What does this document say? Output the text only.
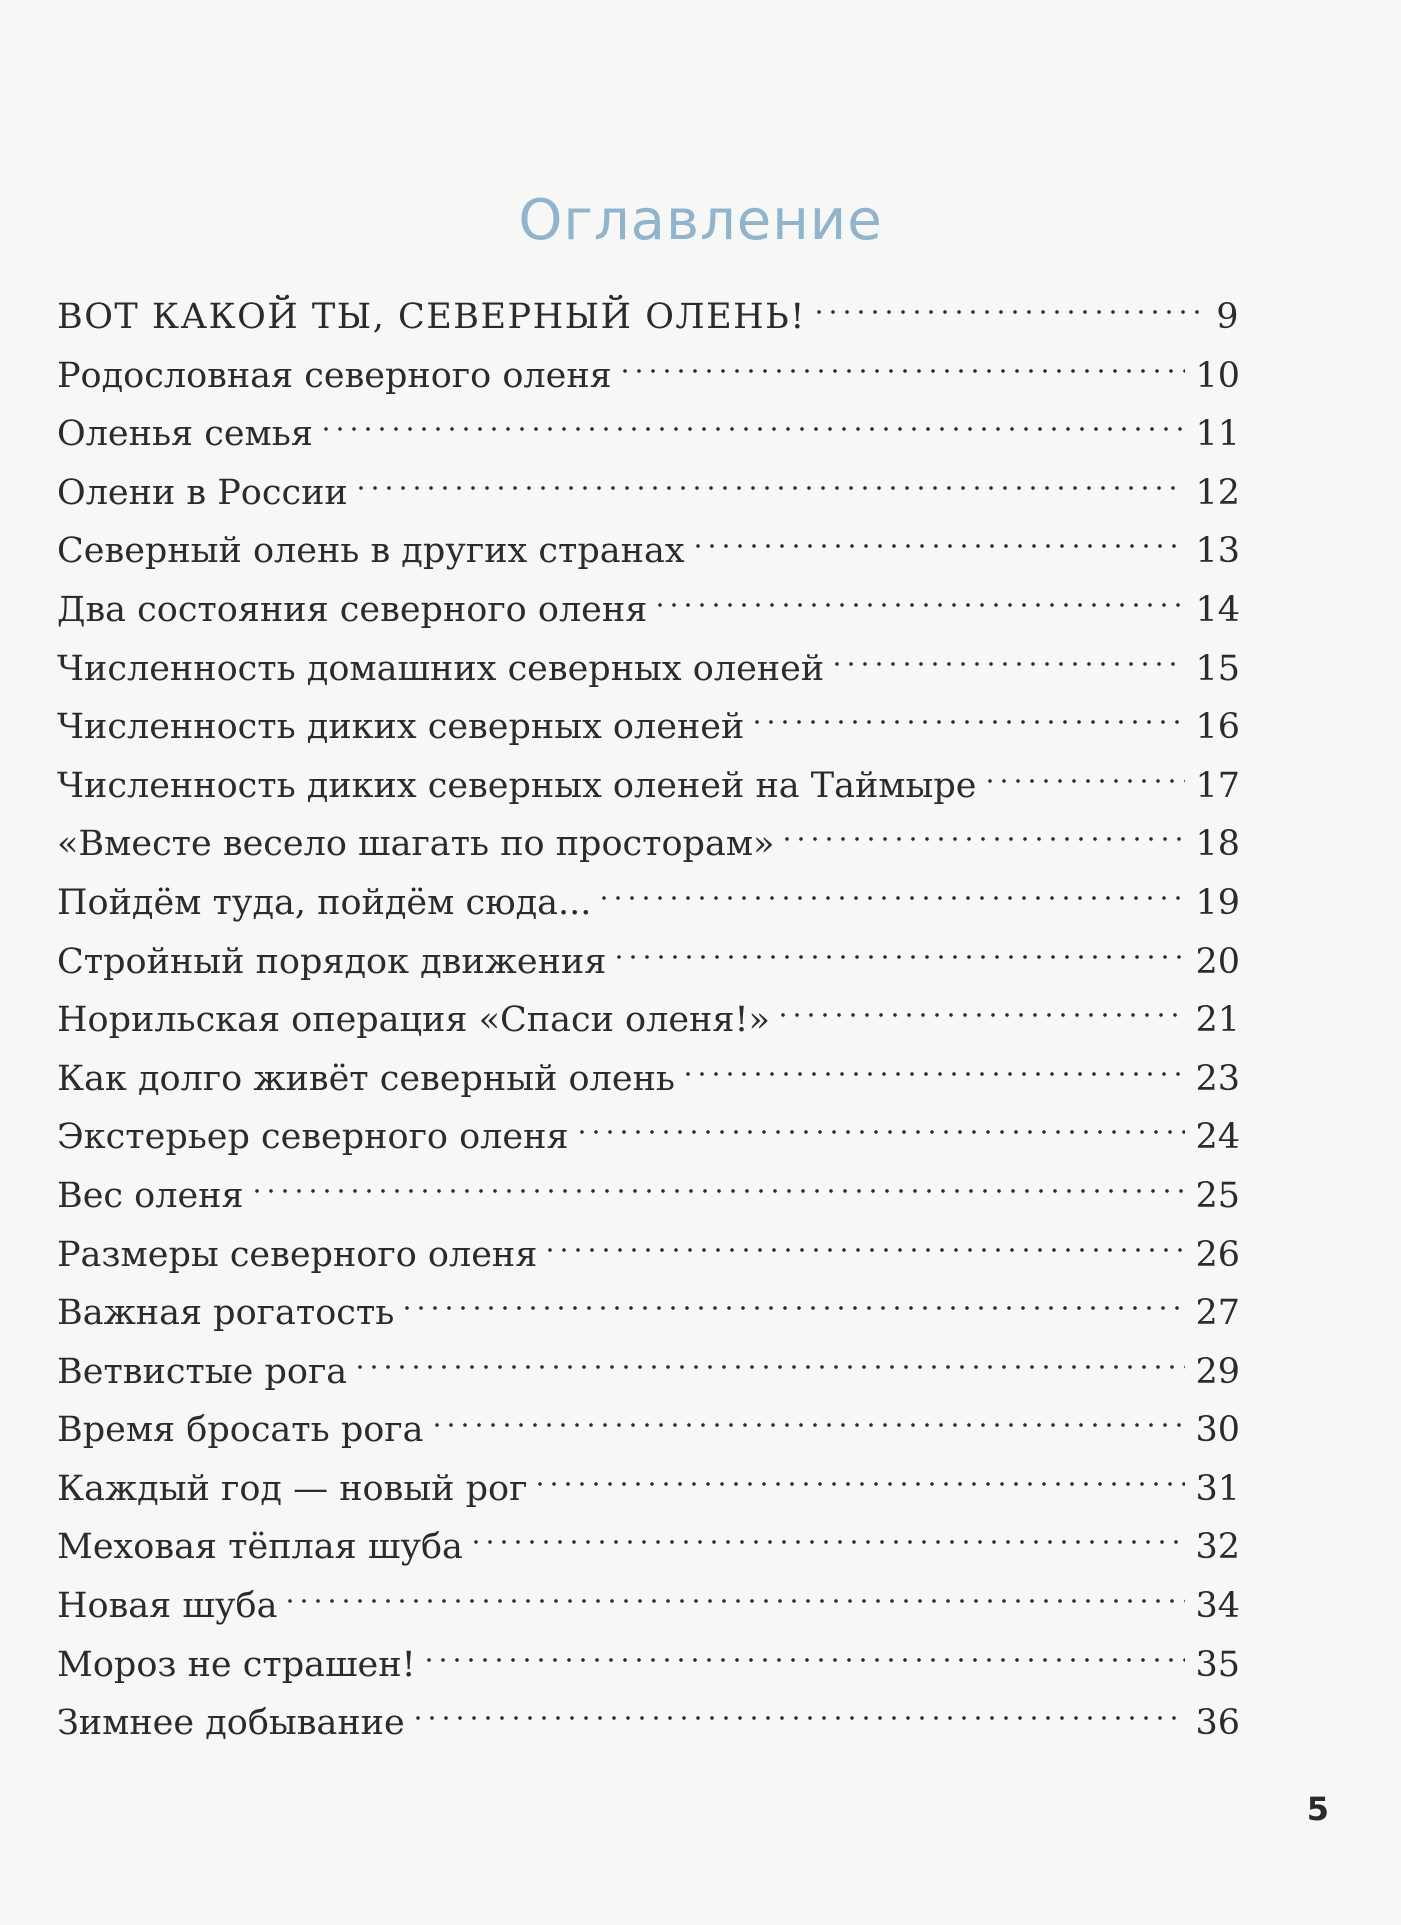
Оглавление
ВОТ КАКОЙ ТЫ, СЕВЕРНЫЙ ОЛЕНЬ!	9
Родословная северного оленя	10
Оленья семья	11
Олени в России	12
Северный олень в других странах	13
Два состояния северного оленя	14
Численность домашних северных оленей	15
Численность диких северных оленей	16
Численность диких северных оленей на Таймыре	17
«Вместе весело шагать по просторам»	18
Пойдём туда, пойдём сюда...	19
Стройный порядок движения	20
Норильская операция «Спаси оленя!»	21
Как долго живёт северный олень	23
Экстерьер северного оленя	24
Вес оленя	25
Размеры северного оленя	26
Важная рогатость	27
Ветвистые рога	29
Время бросать рога	30
Каждый год — новый рог	31
Меховая тёплая шуба	32
Новая шуба	34
Мороз не страшен!	35
Зимнее добывание	36
5
